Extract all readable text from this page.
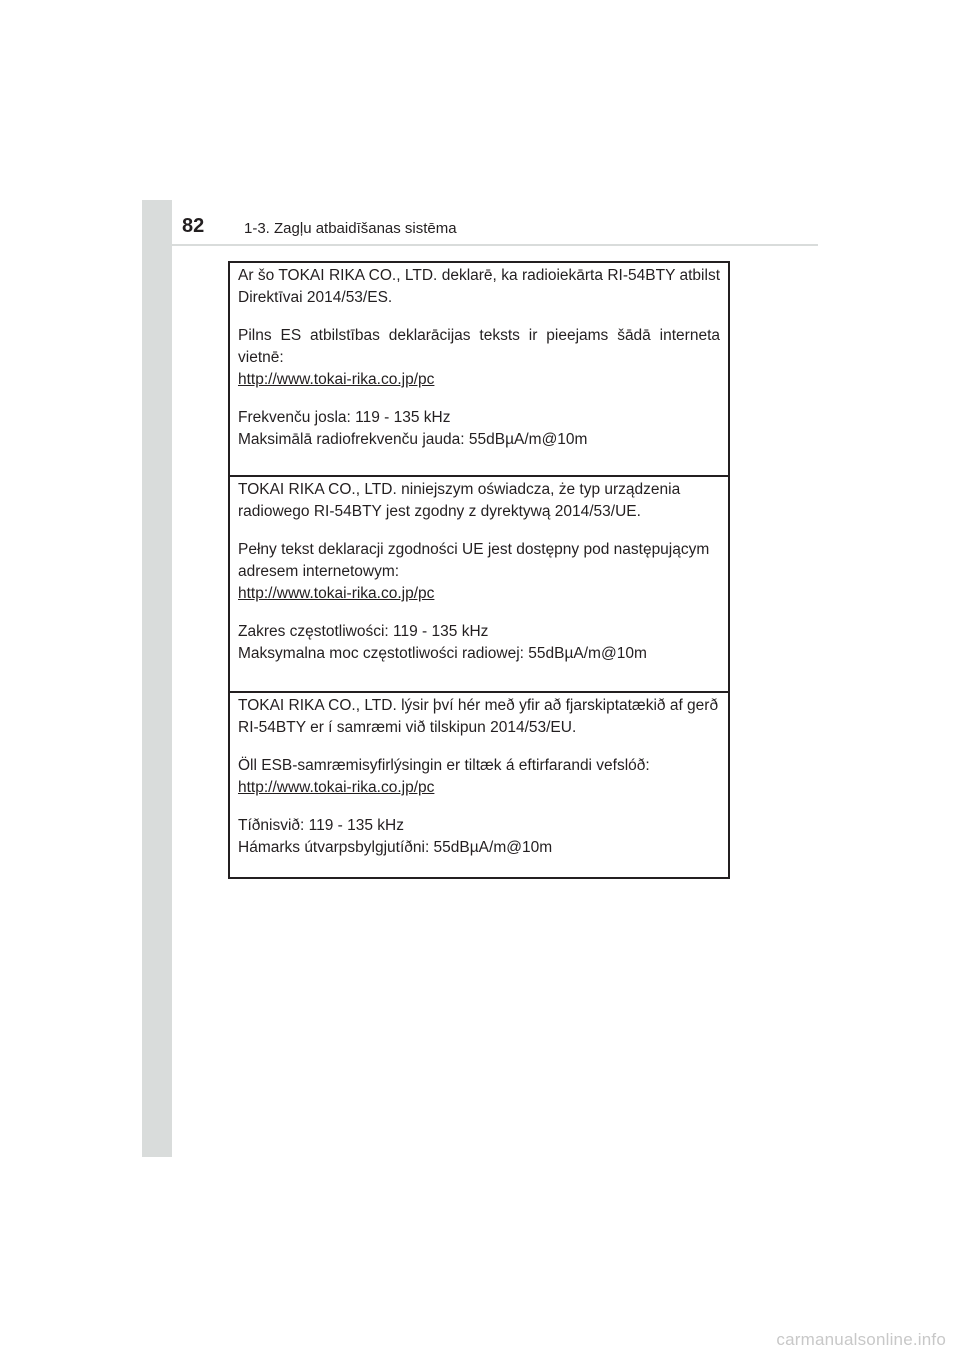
82	1-3. Zagļu atbaidīšanas sistēma

Ar šo TOKAI RIKA CO., LTD. deklarē, ka radioiekārta RI-54BTY atbilst
Direktīvai 2014/53/ES.

Pilns ES atbilstības deklarācijas teksts ir pieejams šādā interneta
vietnē:
http://www.tokai-rika.co.jp/pc

Frekvenču josla: 119 - 135 kHz
Maksimālā radiofrekvenču jauda: 55dBµA/m@10m

TOKAI RIKA CO., LTD. niniejszym oświadcza, że typ urządzenia
radiowego RI-54BTY jest zgodny z dyrektywą 2014/53/UE.

Pełny tekst deklaracji zgodności UE jest dostępny pod następującym
adresem internetowym:
http://www.tokai-rika.co.jp/pc

Zakres częstotliwości: 119 - 135 kHz
Maksymalna moc częstotliwości radiowej: 55dBµA/m@10m

TOKAI RIKA CO., LTD. lýsir því hér með yfir að fjarskiptatækið af gerð
RI-54BTY er í samræmi við tilskipun 2014/53/EU.

Öll ESB-samræmisyfirlýsingin er tiltæk á eftirfarandi vefslóð:
http://www.tokai-rika.co.jp/pc

Tíðnisvið: 119 - 135 kHz
Hámarks útvarpsbylgjutíðni: 55dBµA/m@10m

carmanualsonline.info
